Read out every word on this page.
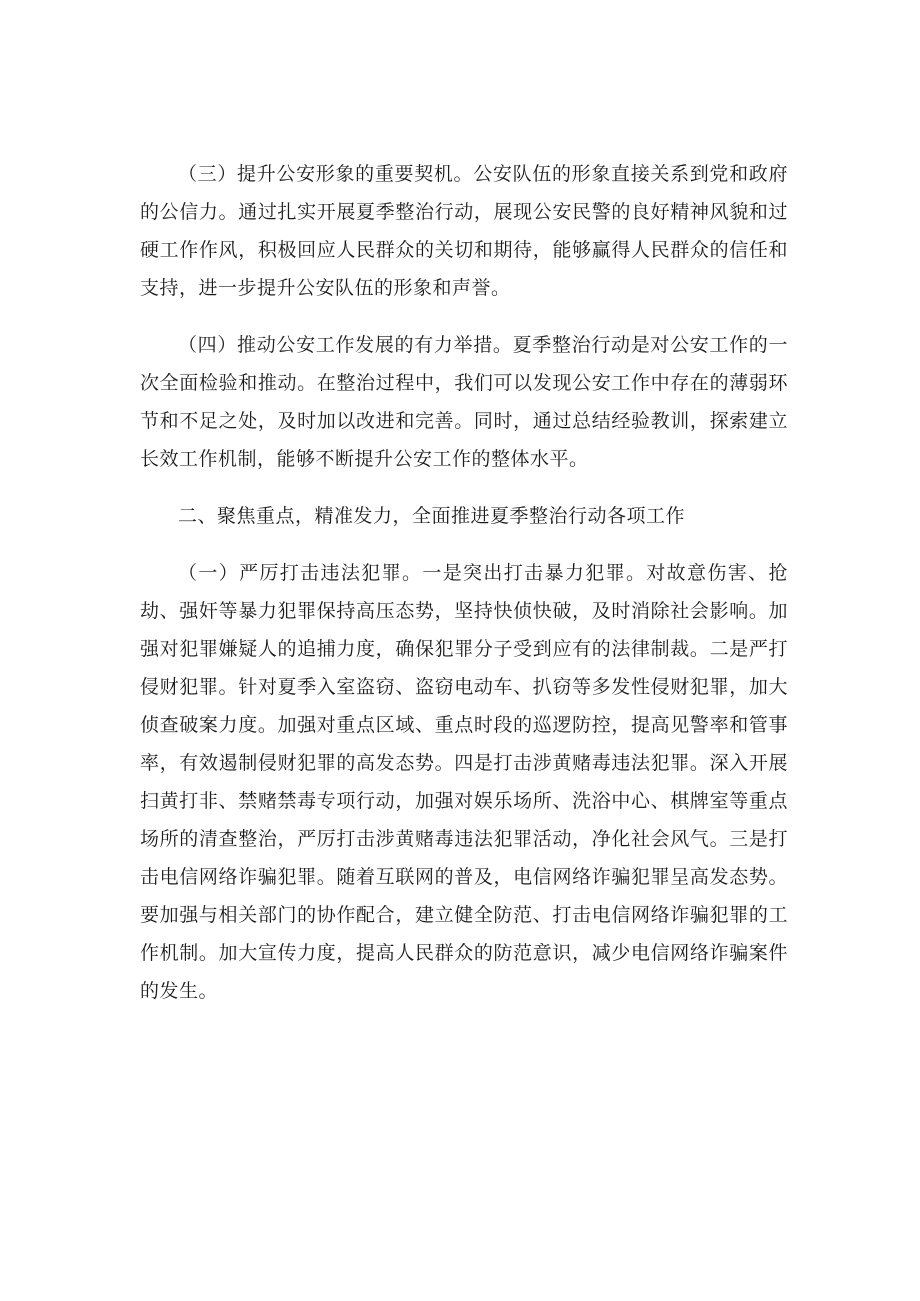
（三）提升公安形象的重要契机。公安队伍的形象直接关系到党和政府的公信力。通过扎实开展夏季整治行动，展现公安民警的良好精神风貌和过硬工作作风，积极回应人民群众的关切和期待，能够赢得人民群众的信任和支持，进一步提升公安队伍的形象和声誉。

（四）推动公安工作发展的有力举措。夏季整治行动是对公安工作的一次全面检验和推动。在整治过程中，我们可以发现公安工作中存在的薄弱环节和不足之处，及时加以改进和完善。同时，通过总结经验教训，探索建立长效工作机制，能够不断提升公安工作的整体水平。

二、聚焦重点，精准发力，全面推进夏季整治行动各项工作

（一）严厉打击违法犯罪。一是突出打击暴力犯罪。对故意伤害、抢劫、强奸等暴力犯罪保持高压态势，坚持快侦快破，及时消除社会影响。加强对犯罪嫌疑人的追捕力度，确保犯罪分子受到应有的法律制裁。二是严打侵财犯罪。针对夏季入室盗窃、盗窃电动车、扒窃等多发性侵财犯罪，加大侦查破案力度。加强对重点区域、重点时段的巡逻防控，提高见警率和管事率，有效遏制侵财犯罪的高发态势。四是打击涉黄赌毒违法犯罪。深入开展扫黄打非、禁赌禁毒专项行动，加强对娱乐场所、洗浴中心、棋牌室等重点场所的清查整治，严厉打击涉黄赌毒违法犯罪活动，净化社会风气。三是打击电信网络诈骗犯罪。随着互联网的普及，电信网络诈骗犯罪呈高发态势。要加强与相关部门的协作配合，建立健全防范、打击电信网络诈骗犯罪的工作机制。加大宣传力度，提高人民群众的防范意识，减少电信网络诈骗案件的发生。
